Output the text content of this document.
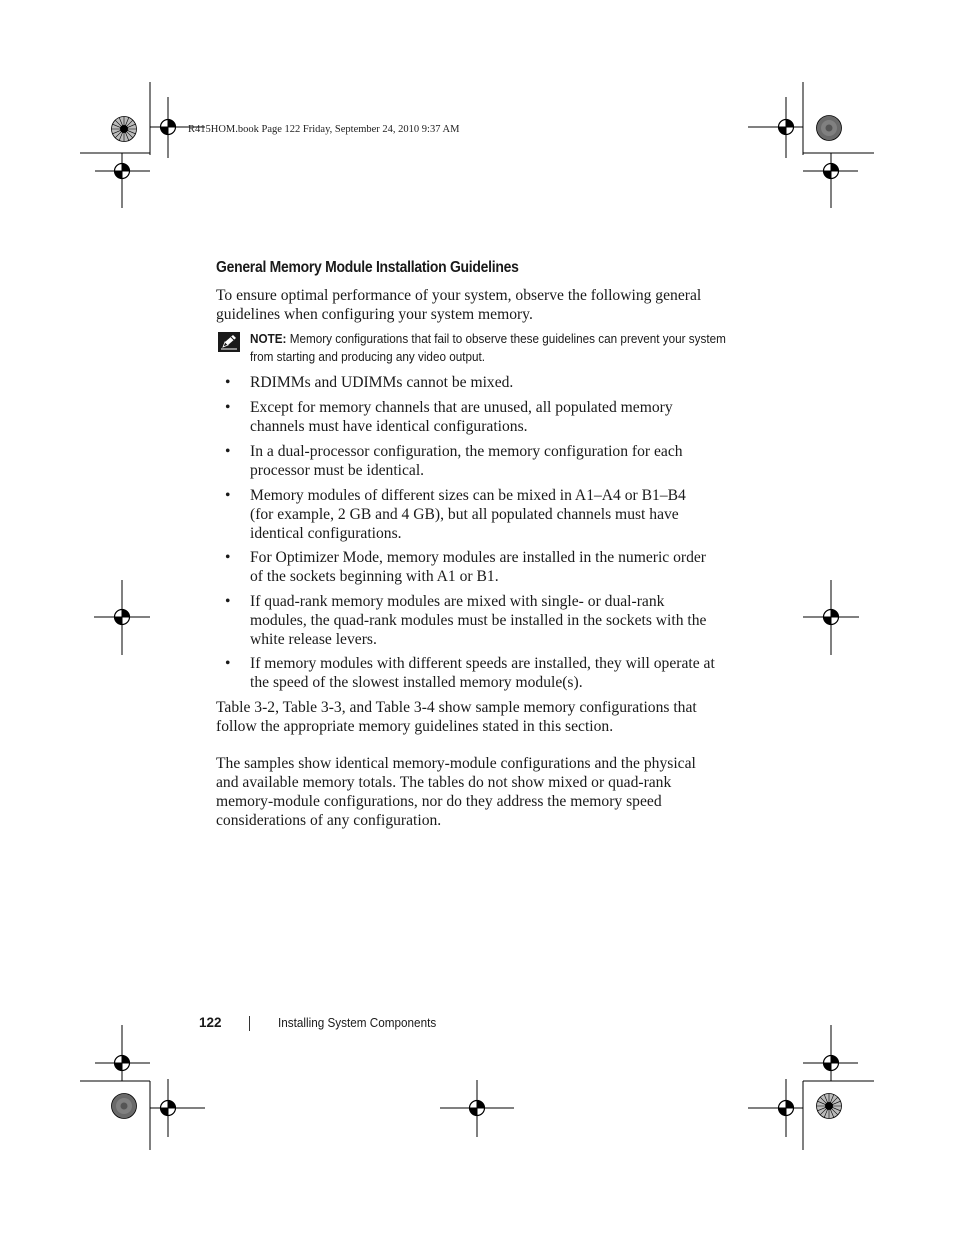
R415HOM.book Page 122 Friday, September 24, 2010 9:37 AM
General Memory Module Installation Guidelines
To ensure optimal performance of your system, observe the following general guidelines when configuring your system memory.
NOTE: Memory configurations that fail to observe these guidelines can prevent your system from starting and producing any video output.
• RDIMMs and UDIMMs cannot be mixed.
• Except for memory channels that are unused, all populated memory channels must have identical configurations.
• In a dual-processor configuration, the memory configuration for each processor must be identical.
• Memory modules of different sizes can be mixed in A1–A4 or B1–B4 (for example, 2 GB and 4 GB), but all populated channels must have identical configurations.
• For Optimizer Mode, memory modules are installed in the numeric order of the sockets beginning with A1 or B1.
• If quad-rank memory modules are mixed with single- or dual-rank modules, the quad-rank modules must be installed in the sockets with the white release levers.
• If memory modules with different speeds are installed, they will operate at the speed of the slowest installed memory module(s).
Table 3-2, Table 3-3, and Table 3-4 show sample memory configurations that follow the appropriate memory guidelines stated in this section.
The samples show identical memory-module configurations and the physical and available memory totals. The tables do not show mixed or quad-rank memory-module configurations, nor do they address the memory speed considerations of any configuration.
122	Installing System Components
